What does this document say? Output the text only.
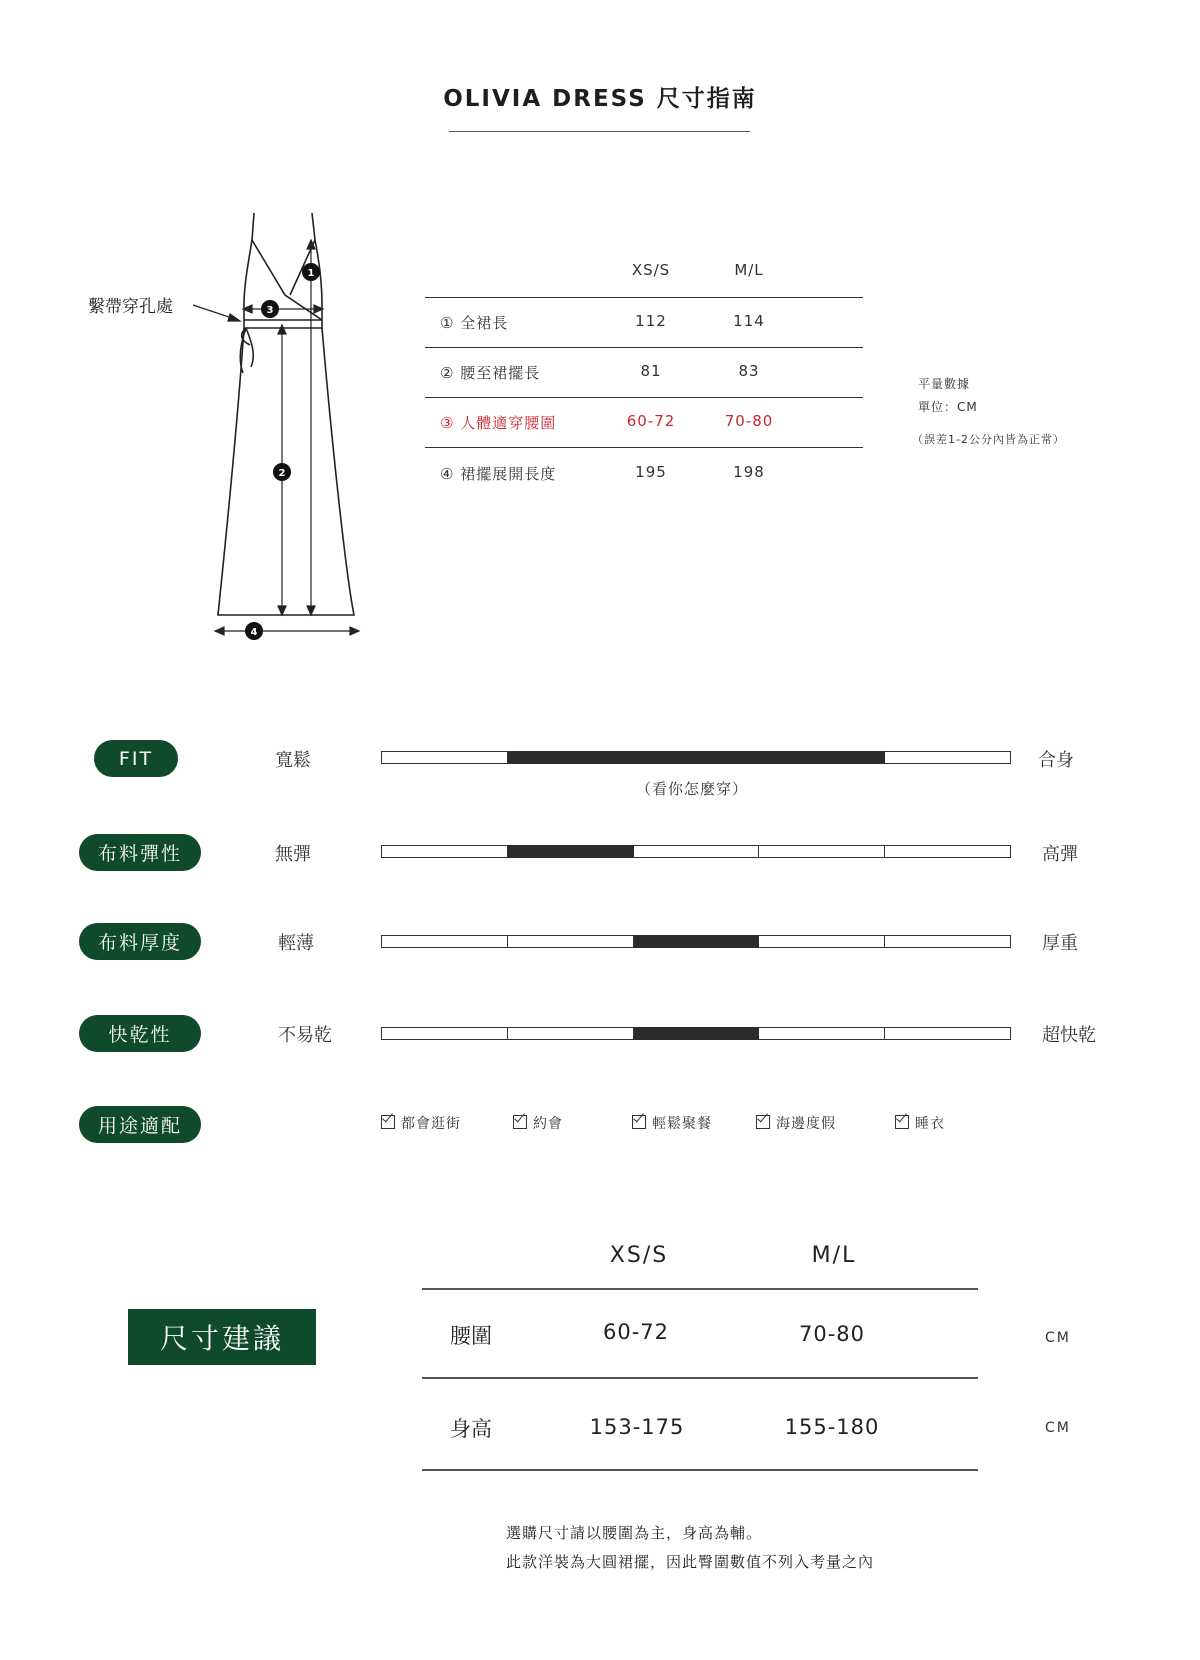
OLIVIA DRESS 尺寸指南
1
2
3
4
繫帶穿孔處
XS/S	M/L
① 全裙長	112	114
② 腰至裙擺長	81	83
③ 人體適穿腰圍	60-72	70-80
④ 裙擺展開長度	195	198
平量數據
單位：CM
（誤差1-2公分內皆為正常）
FIT	寬鬆	合身
（看你怎麼穿）
布料彈性	無彈	高彈
布料厚度	輕薄	厚重
快乾性	不易乾	超快乾
用途適配	都會逛街	約會	輕鬆聚餐	海邊度假	睡衣
尺寸建議
XS/S	M/L
腰圍	60-72	70-80	CM
身高	153-175	155-180	CM
選購尺寸請以腰圍為主，身高為輔。
此款洋裝為大圓裙擺，因此臀圍數值不列入考量之內
